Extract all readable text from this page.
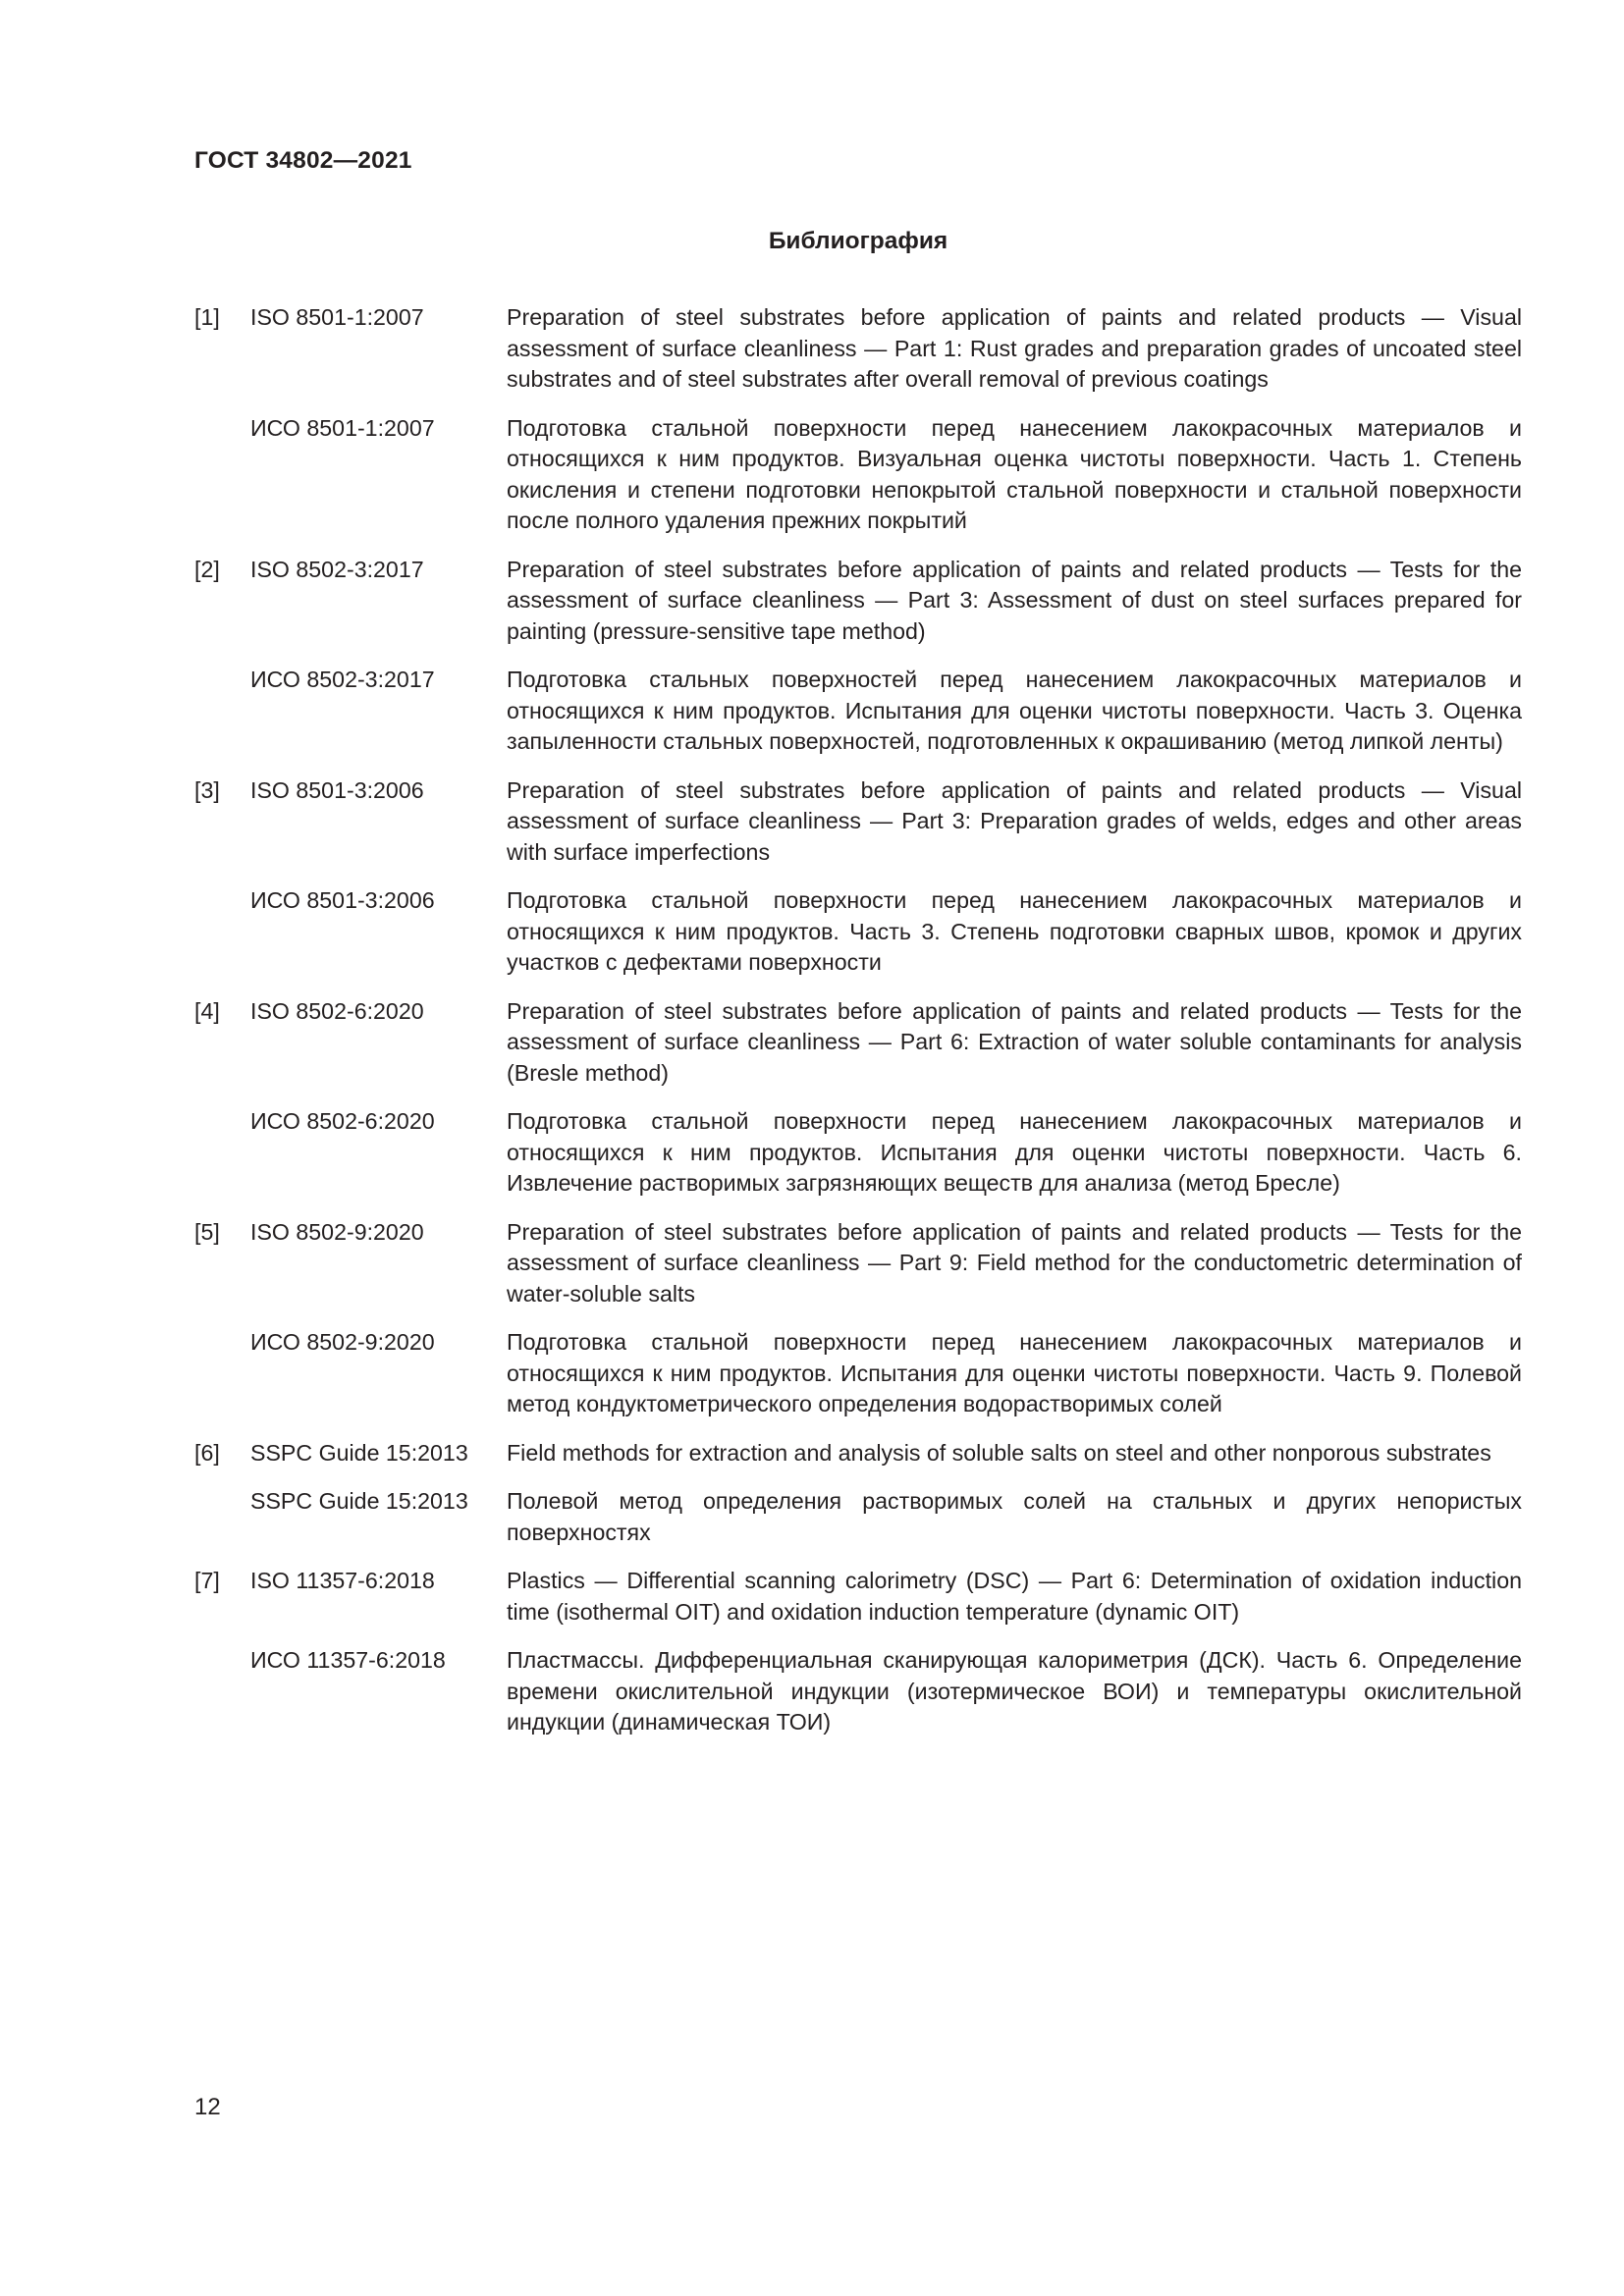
ГОСТ 34802—2021
Библиография
[1]	ISO 8501-1:2007	Preparation of steel substrates before application of paints and related products — Visual assessment of surface cleanliness — Part 1: Rust grades and preparation grades of uncoated steel substrates and of steel substrates after overall removal of previous coatings
ИСО 8501-1:2007	Подготовка стальной поверхности перед нанесением лакокрасочных материалов и относящихся к ним продуктов. Визуальная оценка чистоты поверхности. Часть 1. Степень окисления и степени подготовки непокрытой стальной поверхности и стальной поверхности после полного удаления прежних покрытий
[2]	ISO 8502-3:2017	Preparation of steel substrates before application of paints and related products — Tests for the assessment of surface cleanliness — Part 3: Assessment of dust on steel surfaces prepared for painting (pressure-sensitive tape method)
ИСО 8502-3:2017	Подготовка стальных поверхностей перед нанесением лакокрасочных материалов и относящихся к ним продуктов. Испытания для оценки чистоты поверхности. Часть 3. Оценка запыленности стальных поверхностей, подготовленных к окрашиванию (метод липкой ленты)
[3]	ISO 8501-3:2006	Preparation of steel substrates before application of paints and related products — Visual assessment of surface cleanliness — Part 3: Preparation grades of welds, edges and other areas with surface imperfections
ИСО 8501-3:2006	Подготовка стальной поверхности перед нанесением лакокрасочных материалов и относящихся к ним продуктов. Часть 3. Степень подготовки сварных швов, кромок и других участков с дефектами поверхности
[4]	ISO 8502-6:2020	Preparation of steel substrates before application of paints and related products — Tests for the assessment of surface cleanliness — Part 6: Extraction of water soluble contaminants for analysis (Bresle method)
ИСО 8502-6:2020	Подготовка стальной поверхности перед нанесением лакокрасочных материалов и относящихся к ним продуктов. Испытания для оценки чистоты поверхности. Часть 6. Извлечение растворимых загрязняющих веществ для анализа (метод Бресле)
[5]	ISO 8502-9:2020	Preparation of steel substrates before application of paints and related products — Tests for the assessment of surface cleanliness — Part 9: Field method for the conductometric determination of water-soluble salts
ИСО 8502-9:2020	Подготовка стальной поверхности перед нанесением лакокрасочных материалов и относящихся к ним продуктов. Испытания для оценки чистоты поверхности. Часть 9. Полевой метод кондуктометрического определения водорастворимых солей
[6]	SSPC Guide 15:2013	Field methods for extraction and analysis of soluble salts on steel and other nonporous substrates
SSPC Guide 15:2013	Полевой метод определения растворимых солей на стальных и других непористых поверхностях
[7]	ISO 11357-6:2018	Plastics — Differential scanning calorimetry (DSC) — Part 6: Determination of oxidation induction time (isothermal OIT) and oxidation induction temperature (dynamic OIT)
ИСО 11357-6:2018	Пластмассы. Дифференциальная сканирующая калориметрия (ДСК). Часть 6. Определение времени окислительной индукции (изотермическое ВОИ) и температуры окислительной индукции (динамическая ТОИ)
12
